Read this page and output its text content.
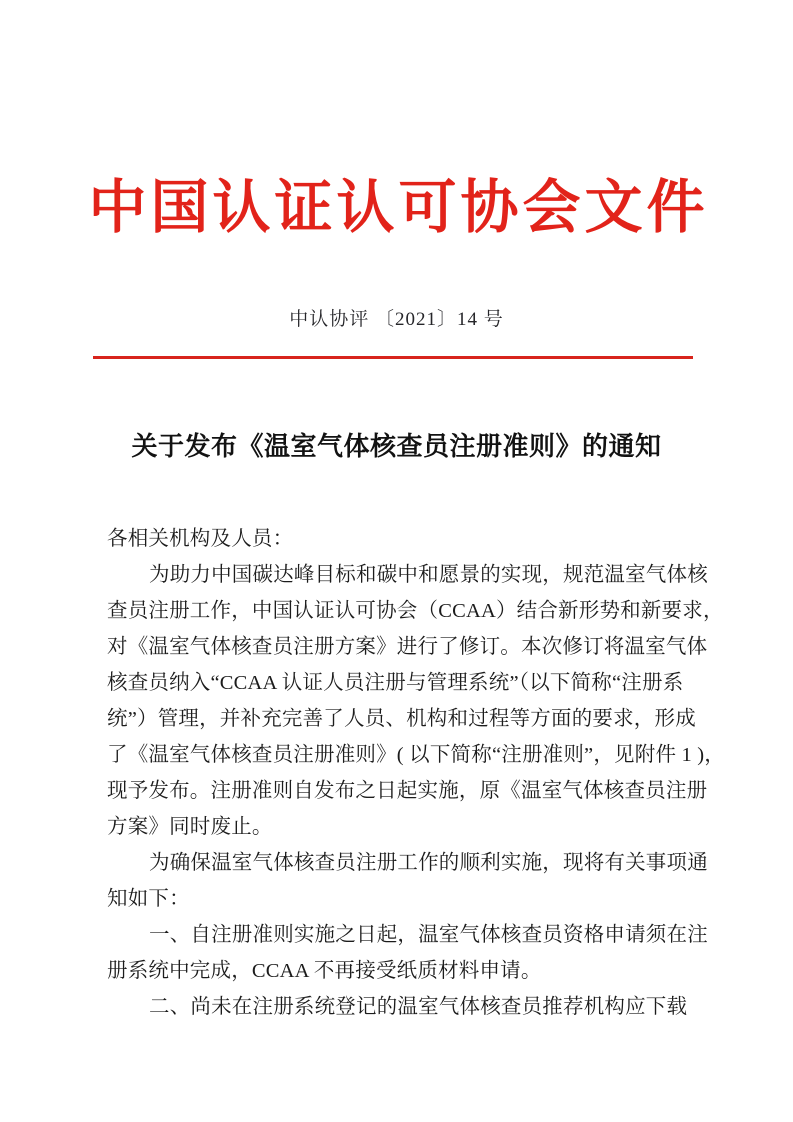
中国认证认可协会文件
中认协评 〔2021〕14 号
关于发布《温室气体核查员注册准则》的通知
各相关机构及人员：
为助力中国碳达峰目标和碳中和愿景的实现，规范温室气体核
查员注册工作，中国认证认可协会（CCAA）结合新形势和新要求，
对《温室气体核查员注册方案》进行了修订。本次修订将温室气体
核查员纳入“CCAA 认证人员注册与管理系统”（以下简称“注册系
统”）管理，并补充完善了人员、机构和过程等方面的要求，形成
了《温室气体核查员注册准则》( 以下简称“注册准则”，见附件 1 )，
现予发布。注册准则自发布之日起实施，原《温室气体核查员注册
方案》同时废止。
为确保温室气体核查员注册工作的顺利实施，现将有关事项通
知如下：
一、自注册准则实施之日起，温室气体核查员资格申请须在注
册系统中完成，CCAA 不再接受纸质材料申请。
二、尚未在注册系统登记的温室气体核查员推荐机构应下载
